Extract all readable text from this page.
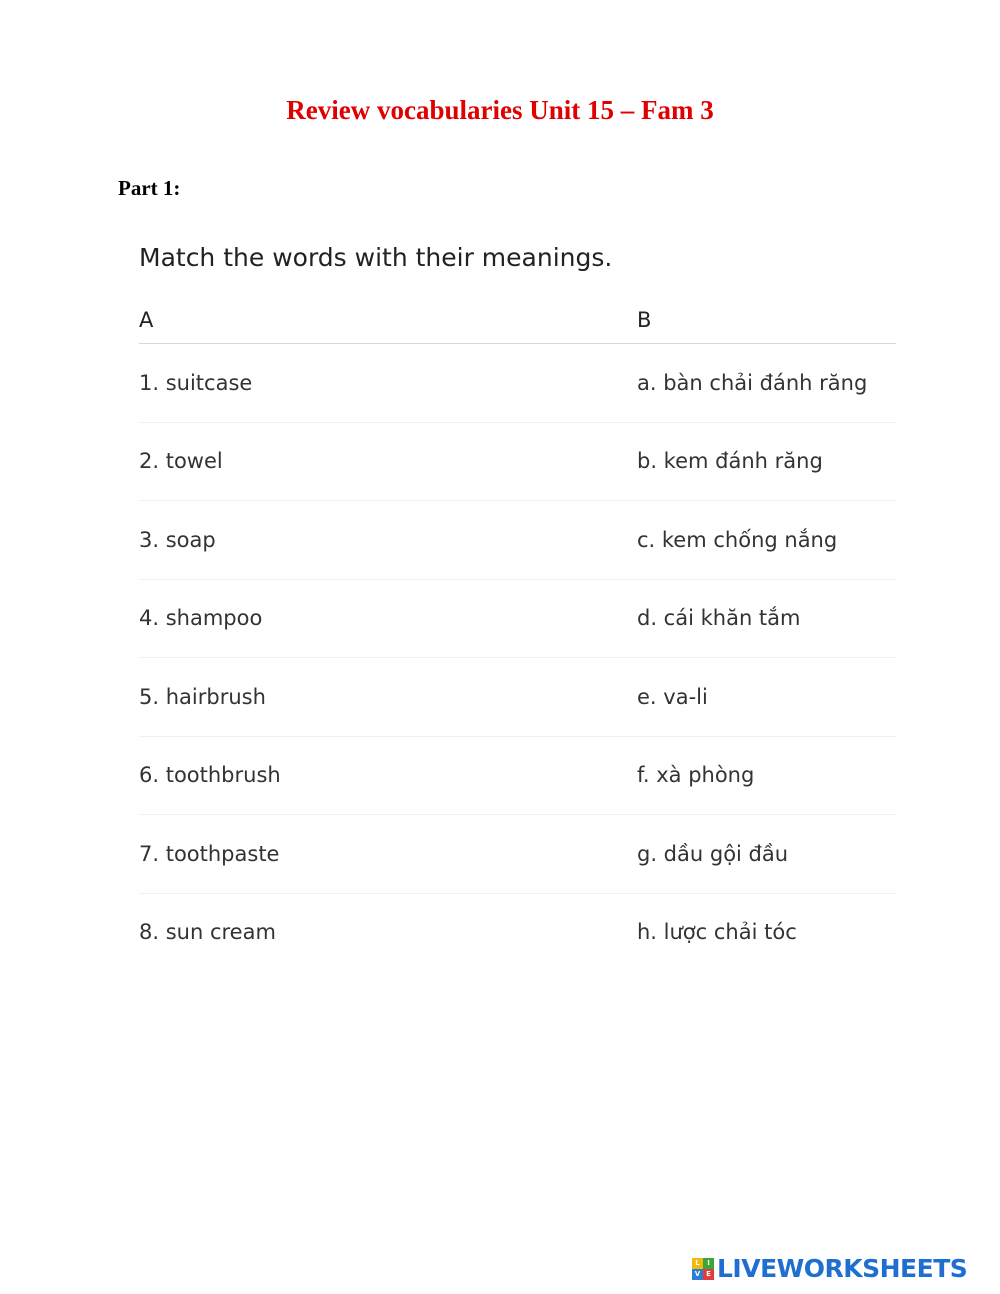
Review vocabularies Unit 15 – Fam 3
Part 1:
Match the words with their meanings.
A	B
1. suitcase	a. bàn chải đánh răng
2. towel	b. kem đánh răng
3. soap	c. kem chống nắng
4. shampoo	d. cái khăn tắm
5. hairbrush	e. va-li
6. toothbrush	f. xà phòng
7. toothpaste	g. dầu gội đầu
8. sun cream	h. lược chải tóc
L	I
V E LIVEWORKSHEETS
